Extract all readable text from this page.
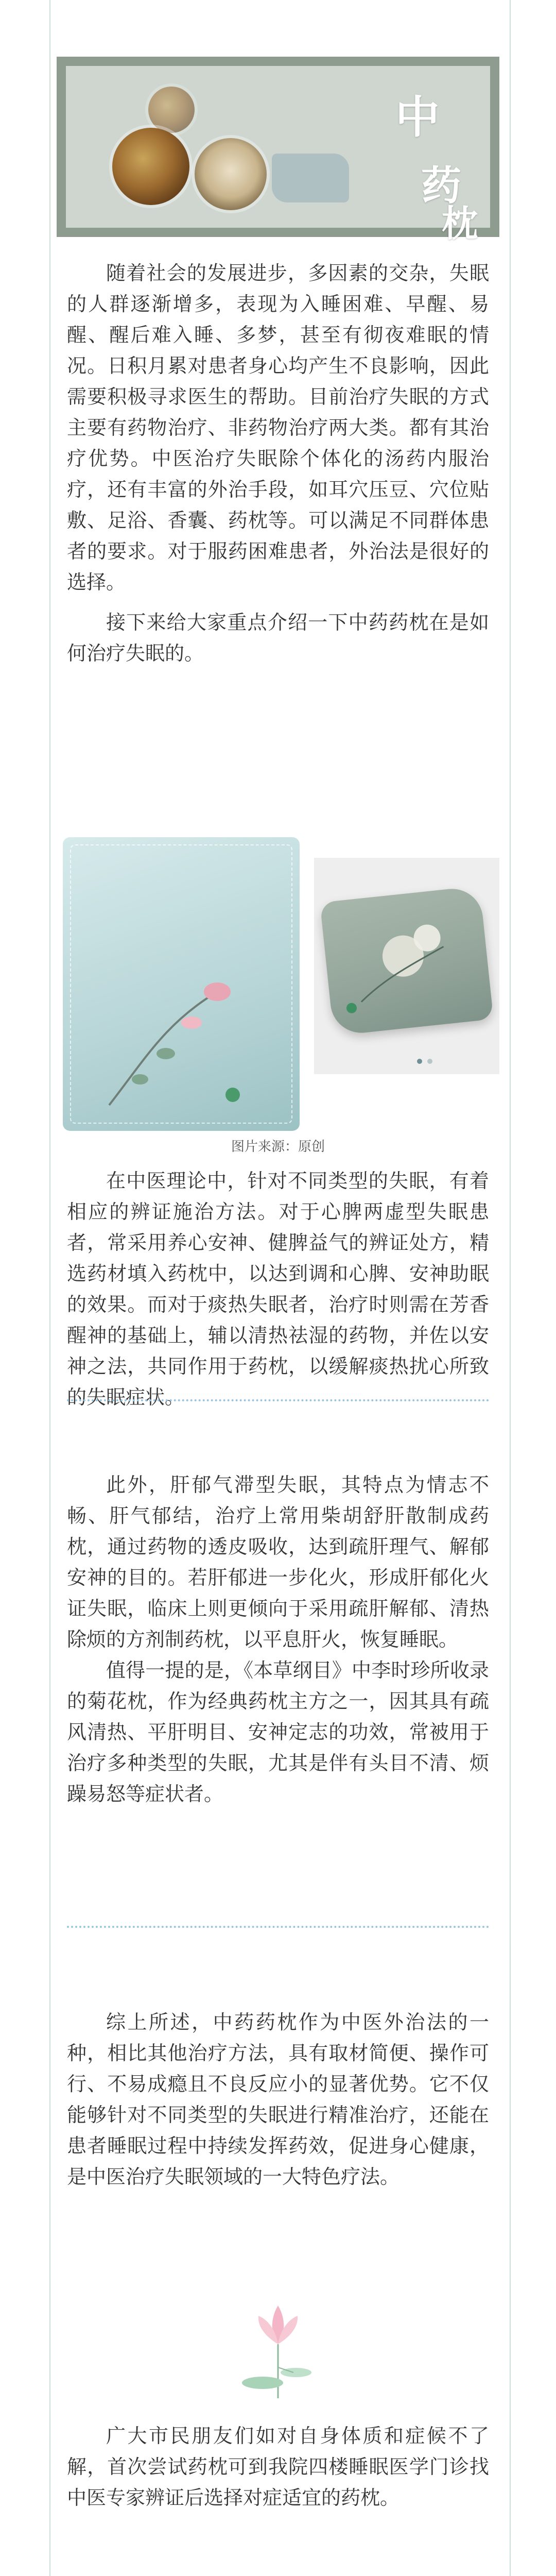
中
药
枕

随着社会的发展进步，多因素的交杂，失眠的人群逐渐增多，表现为入睡困难、早醒、易醒、醒后难入睡、多梦，甚至有彻夜难眠的情况。日积月累对患者身心均产生不良影响，因此需要积极寻求医生的帮助。目前治疗失眠的方式主要有药物治疗、非药物治疗两大类。都有其治疗优势。中医治疗失眠除个体化的汤药内服治疗，还有丰富的外治手段，如耳穴压豆、穴位贴敷、足浴、香囊、药枕等。可以满足不同群体患者的要求。对于服药困难患者，外治法是很好的选择。

接下来给大家重点介绍一下中药药枕在是如何治疗失眠的。

图片来源：原创

在中医理论中，针对不同类型的失眠，有着相应的辨证施治方法。对于心脾两虚型失眠患者，常采用养心安神、健脾益气的辨证处方，精选药材填入药枕中，以达到调和心脾、安神助眠的效果。而对于痰热失眠者，治疗时则需在芳香醒神的基础上，辅以清热祛湿的药物，并佐以安神之法，共同作用于药枕，以缓解痰热扰心所致的失眠症状。

此外，肝郁气滞型失眠，其特点为情志不畅、肝气郁结，治疗上常用柴胡舒肝散制成药枕，通过药物的透皮吸收，达到疏肝理气、解郁安神的目的。若肝郁进一步化火，形成肝郁化火证失眠，临床上则更倾向于采用疏肝解郁、清热除烦的方剂制药枕，以平息肝火，恢复睡眠。

值得一提的是，《本草纲目》中李时珍所收录的菊花枕，作为经典药枕主方之一，因其具有疏风清热、平肝明目、安神定志的功效，常被用于治疗多种类型的失眠，尤其是伴有头目不清、烦躁易怒等症状者。

综上所述，中药药枕作为中医外治法的一种，相比其他治疗方法，具有取材简便、操作可行、不易成瘾且不良反应小的显著优势。它不仅能够针对不同类型的失眠进行精准治疗，还能在患者睡眠过程中持续发挥药效，促进身心健康，是中医治疗失眠领域的一大特色疗法。

广大市民朋友们如对自身体质和症候不了解，首次尝试药枕可到我院四楼睡眠医学门诊找中医专家辨证后选择对症适宜的药枕。
